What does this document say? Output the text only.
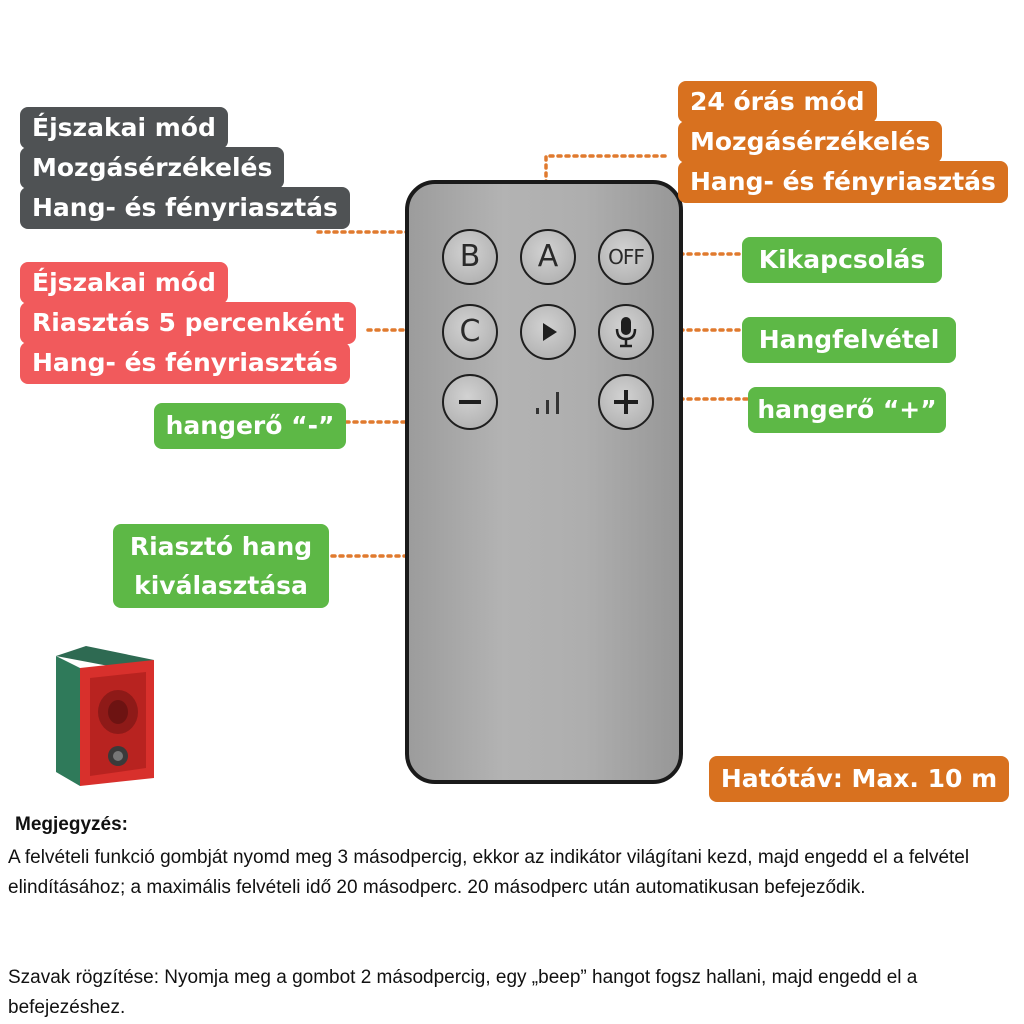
B A OFF
C
Éjszakai mód
Mozgásérzékelés
Hang- és fényriasztás
24 órás mód
Mozgásérzékelés
Hang- és fényriasztás
Éjszakai mód
Riasztás 5 percenként
Hang- és fényriasztás
Kikapcsolás
Hangfelvétel
hangerő “-”
hangerő “+”
Riasztó hang
kiválasztása
Hatótáv: Max. 10 m
Megjegyzés:
A felvételi funkció gombját nyomd meg 3 másodpercig, ekkor az indikátor világítani kezd, majd engedd el a felvétel elindításához; a maximális felvételi idő 20 másodperc. 20 másodperc után automatikusan befejeződik.
Szavak rögzítése: Nyomja meg a gombot 2 másodpercig, egy „beep” hangot fogsz hallani, majd engedd el a befejezéshez.
